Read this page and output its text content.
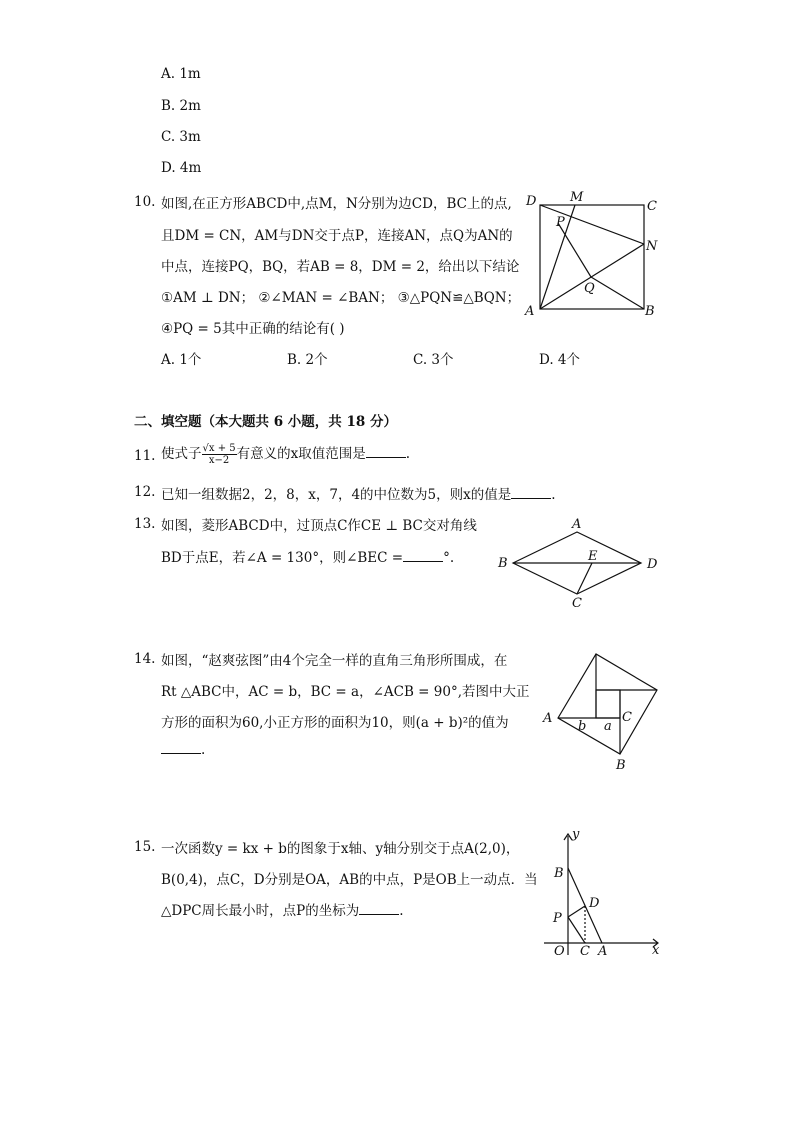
A. 1m
B. 2m
C. 3m
D. 4m
10. 如图,在正方形ABCD中,点M，N分别为边CD，BC上的点,
且DM = CN，AM与DN交于点P，连接AN，点Q为AN的
中点，连接PQ，BQ，若AB = 8，DM = 2，给出以下结论
①AM ⊥ DN； ②∠MAN = ∠BAN； ③△PQN≌△BQN；
④PQ = 5其中正确的结论有( )
A. 1个	B. 2个	C. 3个	D. 4个
D	M
C
P
N
Q
A	B
二、填空题（本大题共 6 小题，共 18 分）
11. 使式子 $\frac{√x + 5}{x-2}$ 有意义的x取值范围是	.
12. 已知一组数据2，2，8，x，7，4的中位数为5，则x的值是	.
13. 如图，菱形ABCD中，过顶点C作CE ⊥ BC交对角线
BD于点E，若∠A = 130°，则∠BEC =	°.
A
B	D
E
C
14. 如图，“赵爽弦图”由4个完全一样的直角三角形所围成，在
Rt △ABC中，AC = b，BC = a，∠ACB = 90°,若图中大正
方形的面积为60,小正方形的面积为10，则(a + b)²的值为
.
A
B
C
b a
15. 一次函数y = kx + b的图象于x轴、y轴分别交于点A(2,0)，
B(0,4)，点C，D分别是OA，AB的中点，P是OB上一动点．当
△DPC周长最小时，点P的坐标为	.
y
x
O
B
D
P
C A
